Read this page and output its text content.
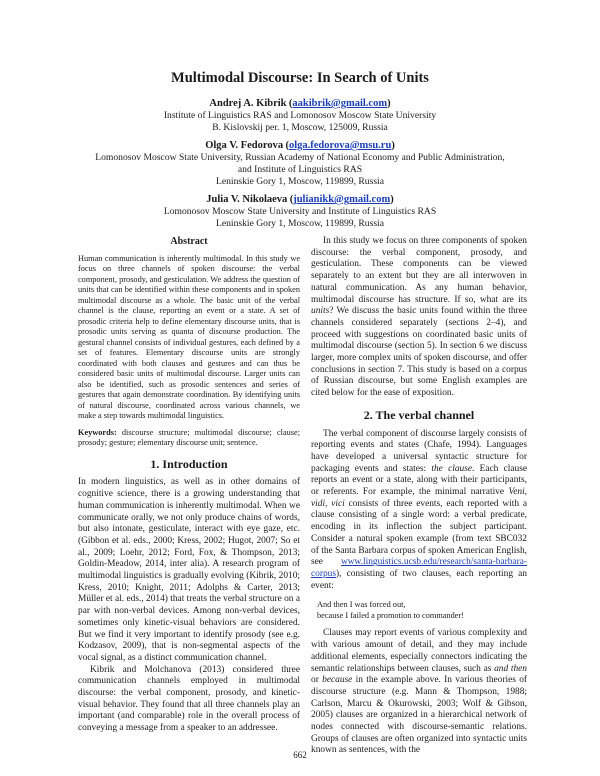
Multimodal Discourse: In Search of Units
Andrej A. Kibrik (aakibrik@gmail.com)
Institute of Linguistics RAS and Lomonosov Moscow State University
B. Kislovskij per. 1, Moscow, 125009, Russia
Olga V. Fedorova (olga.fedorova@msu.ru)
Lomonosov Moscow State University, Russian Academy of National Economy and Public Administration,
and Institute of Linguistics RAS
Leninskie Gory 1, Moscow, 119899, Russia
Julia V. Nikolaeva (julianikk@gmail.com)
Lomonosov Moscow State University and Institute of Linguistics RAS
Leninskie Gory 1, Moscow, 119899, Russia
Abstract

Human communication is inherently multimodal. In this study we focus on three channels of spoken discourse: the verbal component, prosody, and gesticulation. We address the question of units that can be identified within these components and in spoken multimodal discourse as a whole. The basic unit of the verbal channel is the clause, reporting an event or a state. A set of prosodic criteria help to define elementary discourse units, that is prosodic units serving as quanta of discourse production. The gestural channel consists of individual gestures, each defined by a set of features. Elementary discourse units are strongly coordinated with both clauses and gestures and can thus be considered basic units of multimodal discourse. Larger units can also be identified, such as prosodic sentences and series of gestures that again demonstrate coordination. By identifying units of natural discourse, coordinated across various channels, we make a step towards multimodal linguistics.

Keywords: discourse structure; multimodal discourse; clause; prosody; gesture; elementary discourse unit; sentence.

1. Introduction

In modern linguistics, as well as in other domains of cognitive science, there is a growing understanding that human communication is inherently multimodal. When we communicate orally, we not only produce chains of words, but also intonate, gesticulate, interact with eye gaze, etc. (Gibbon et al. eds., 2000; Kress, 2002; Hugot, 2007; So et al., 2009; Loehr, 2012; Ford, Fox, & Thompson, 2013; Goldin-Meadow, 2014, inter alia). A research program of multimodal linguistics is gradually evolving (Kibrik, 2010; Kress, 2010; Knight, 2011; Adolphs & Carter, 2013; Müller et al. eds., 2014) that treats the verbal structure on a par with non-verbal devices. Among non-verbal devices, sometimes only kinetic-visual behaviors are considered. But we find it very important to identify prosody (see e.g. Kodzasov, 2009), that is non-segmental aspects of the vocal signal, as a distinct communication channel.

Kibrik and Molchanova (2013) considered three communication channels employed in multimodal discourse: the verbal component, prosody, and kinetic-visual behavior. They found that all three channels play an important (and comparable) role in the overall process of conveying a message from a speaker to an addressee.

In this study we focus on three components of spoken discourse: the verbal component, prosody, and gesticulation. These components can be viewed separately to an extent but they are all interwoven in natural communication. As any human behavior, multimodal discourse has structure. If so, what are its units? We discuss the basic units found within the three channels considered separately (sections 2–4), and proceed with suggestions on coordinated basic units of multimodal discourse (section 5). In section 6 we discuss larger, more complex units of spoken discourse, and offer conclusions in section 7. This study is based on a corpus of Russian discourse, but some English examples are cited below for the ease of exposition.

2. The verbal channel

The verbal component of discourse largely consists of reporting events and states (Chafe, 1994). Languages have developed a universal syntactic structure for packaging events and states: the clause. Each clause reports an event or a state, along with their participants, or referents. For example, the minimal narrative Veni, vidi, vici consists of three events, each reported with a clause consisting of a single word: a verbal predicate, encoding in its inflection the subject participant. Consider a natural spoken example (from text SBC032 of the Santa Barbara corpus of spoken American English, see www.linguistics.ucsb.edu/research/santa-barbara-corpus), consisting of two clauses, each reporting an event:

And then I was forced out,
because I failed a promotion to commander!

Clauses may report events of various complexity and with various amount of detail, and they may include additional elements, especially connectors indicating the semantic relationships between clauses, such as and then or because in the example above. In various theories of discourse structure (e.g. Mann & Thompson, 1988; Carlson, Marcu & Okurowski, 2003; Wolf & Gibson, 2005) clauses are organized in a hierarchical network of nodes connected with discourse-semantic relations. Groups of clauses are often organized into syntactic units known as sentences, with the

662
